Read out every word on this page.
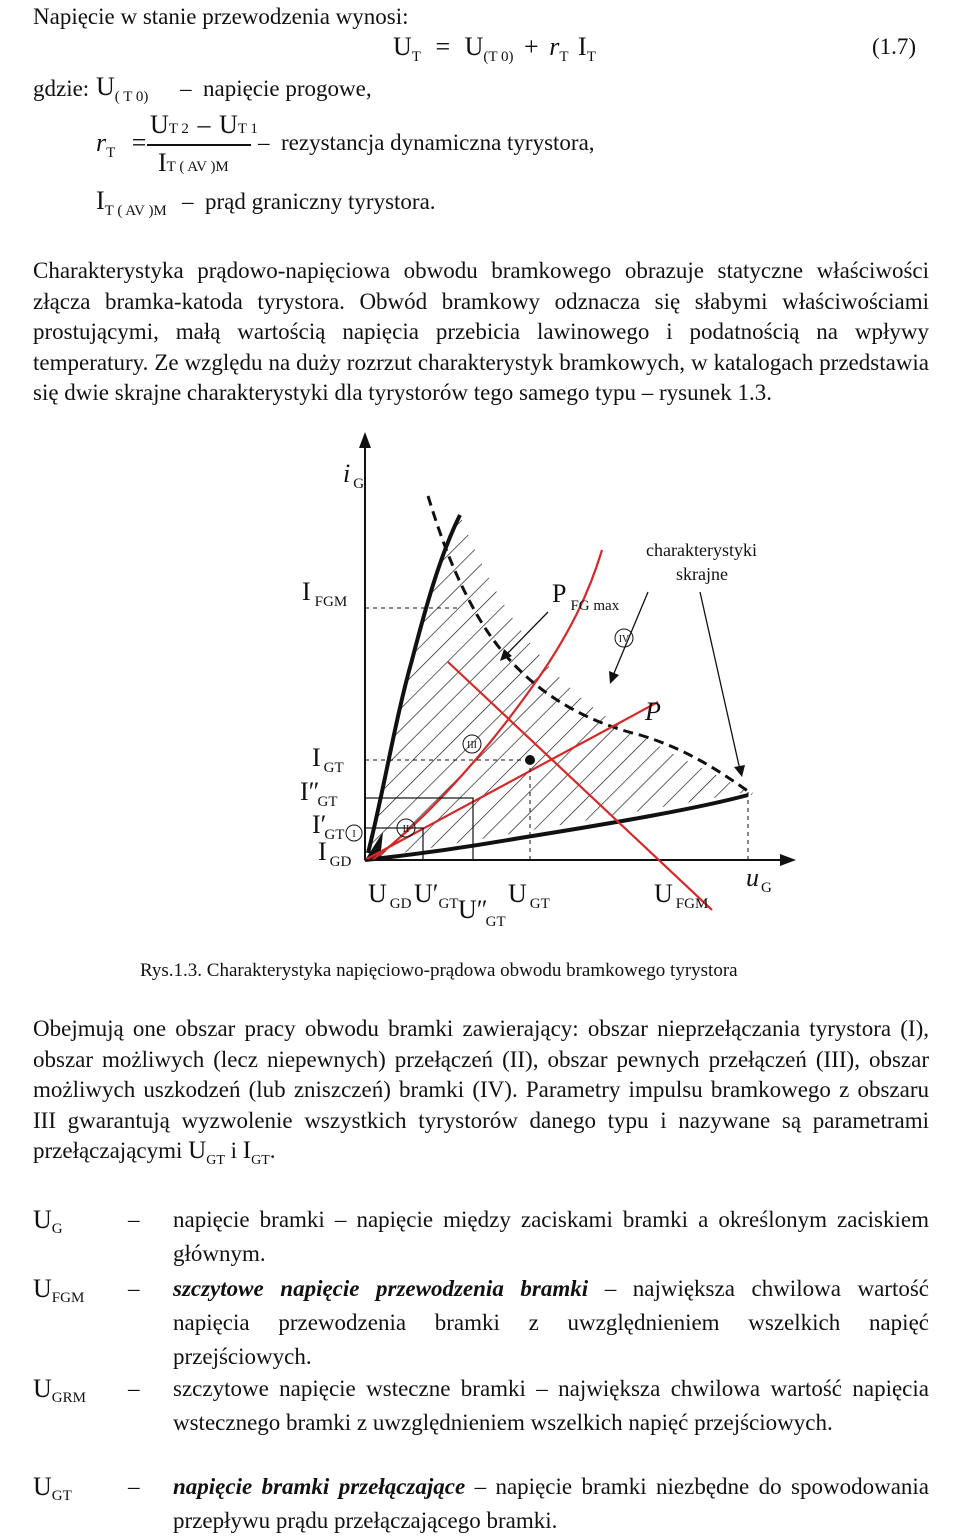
Napięcie w stanie przewodzenia wynosi:
$U_T = U_{(T 0)} + r_T$ $I_T$	(1.7)
gdzie: $U_{( T 0)}$ – napięcie progowe,
$r_T$ =
UT 2 – UT 1
IT ( AV )M
– rezystancja dynamiczna tyrystora,
$I_{T ( AV )M}$ – prąd graniczny tyrystora.

Charakterystyka prądowo-napięciowa obwodu bramkowego obrazuje statyczne właściwości złącza bramka-katoda tyrystora. Obwód bramkowy odznacza się słabymi właściwościami prostującymi, małą wartością napięcia przebicia lawinowego i podatnością na wpływy temperatury. Ze względu na duży rozrzut charakterystyk bramkowych, w katalogach przedstawia się dwie skrajne charakterystyki dla tyrystorów tego samego typu – rysunek 1.3.

i $_G$
u $_G$
I $_{FGM}$	P $_{FG max}$
charakterystyki
skrajne
IV
III
II
I
P
I $_{GT}$
I″GT
I′GT
I $_{GD}$
U $_{GD}$ $U'_{GT}$ U″GT
U $_{GT}$	U $_{FGM}$
Rys.1.3. Charakterystyka napięciowo-prądowa obwodu bramkowego tyrystora

Obejmują one obszar pracy obwodu bramki zawierający: obszar nieprzełączania tyrystora (I), obszar możliwych (lecz niepewnych) przełączeń (II), obszar pewnych przełączeń (III), obszar możliwych uszkodzeń (lub zniszczeń) bramki (IV). Parametry impulsu bramkowego z obszaru III gwarantują wyzwolenie wszystkich tyrystorów danego typu i nazywane są parametrami przełączającymi $U_{GT}$ i $I_{GT}$.

UG	– napięcie bramki – napięcie między zaciskami bramki a określonym zaciskiem głównym.
UFGM – szczytowe napięcie przewodzenia bramki – największa chwilowa wartość napięcia przewodzenia bramki z uwzględnieniem wszelkich napięć przejściowych.
UGRM – szczytowe napięcie wsteczne bramki – największa chwilowa wartość napięcia wstecznego bramki z uwzględnieniem wszelkich napięć przejściowych.
UGT – napięcie bramki przełączające – napięcie bramki niezbędne do spowodowania przepływu prądu przełączającego bramki.
